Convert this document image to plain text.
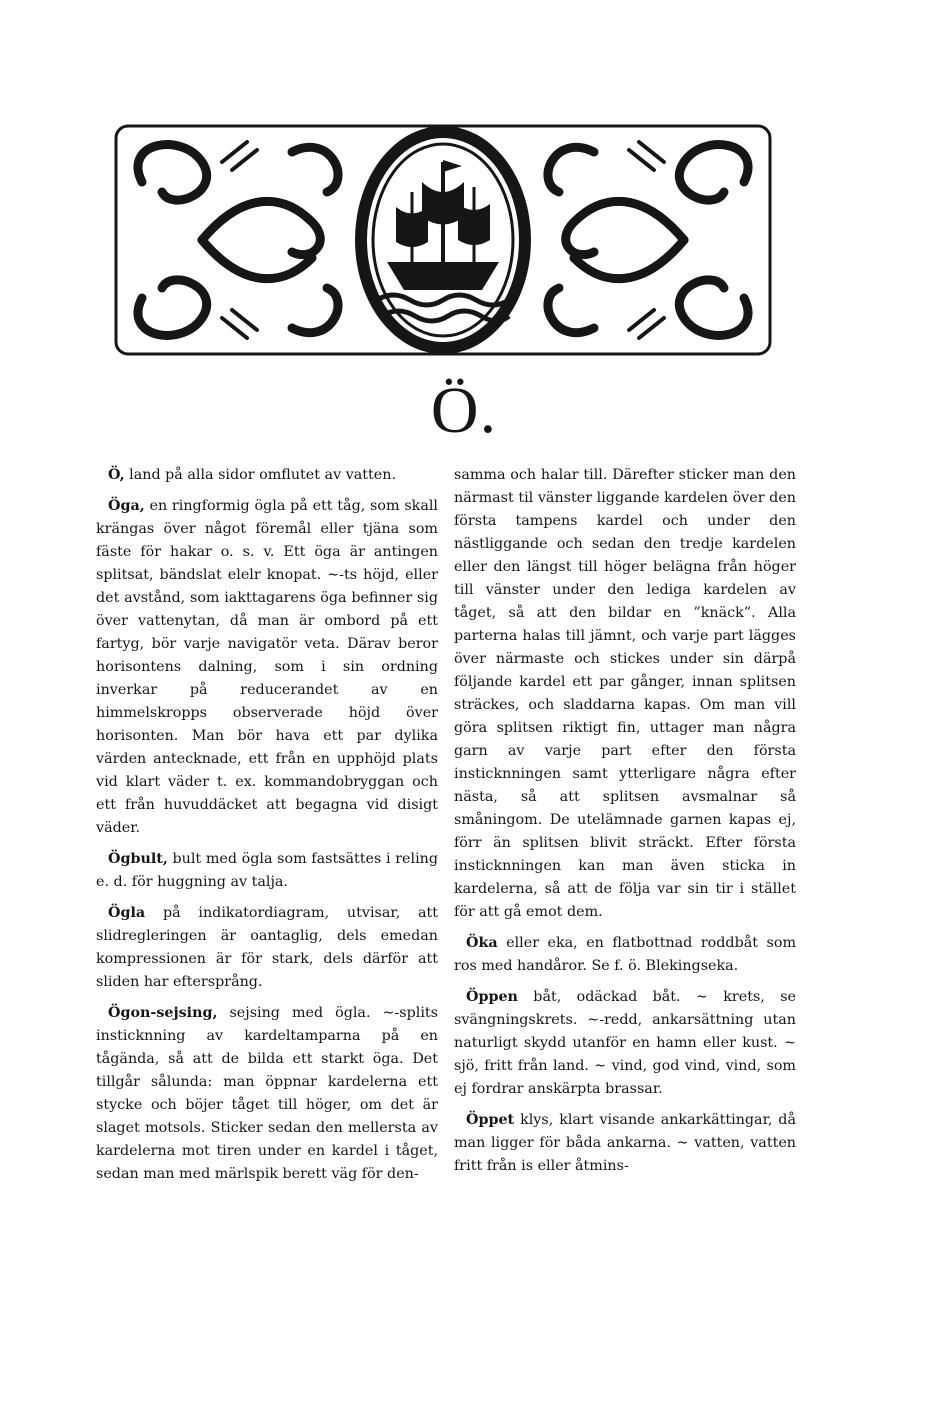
Ö.

Ö, land på alla sidor omflutet av vatten.

Öga, en ringformig ögla på ett tåg, som skall krängas över något föremål eller tjäna som fäste för hakar o. s. v. Ett öga är antingen splitsat, bändslat elelr knopat. ∼-ts höjd, eller det avstånd, som iakttagarens öga befinner sig över vattenytan, då man är ombord på ett fartyg, bör varje navigatör veta. Därav beror horisontens dalning, som i sin ordning inverkar på reducerandet av en himmelskropps observerade höjd över horisonten. Man bör hava ett par dylika värden antecknade, ett från en upphöjd plats vid klart väder t. ex. kommandobryggan och ett från huvuddäcket att begagna vid disigt väder.

Ögbult, bult med ögla som fastsättes i reling e. d. för huggning av talja.

Ögla på indikatordiagram, utvisar, att slidregleringen är oantaglig, dels emedan kompressionen är för stark, dels därför att sliden har eftersprång.

Ögon-sejsing, sejsing med ögla. ∼-splits insticknning av kardeltamparna på en tågända, så att de bilda ett starkt öga. Det tillgår sålunda: man öppnar kardelerna ett stycke och böjer tåget till höger, om det är slaget motsols. Sticker sedan den mellersta av kardelerna mot tiren under en kardel i tåget, sedan man med märlspik berett väg för den-

samma och halar till. Därefter sticker man den närmast til vänster liggande kardelen över den första tampens kardel och under den nästliggande och sedan den tredje kardelen eller den längst till höger belägna från höger till vänster under den lediga kardelen av tåget, så att den bildar en ”knäck”. Alla parterna halas till jämnt, och varje part lägges över närmaste och stickes under sin därpå följande kardel ett par gånger, innan splitsen sträckes, och sladdarna kapas. Om man vill göra splitsen riktigt fin, uttager man några garn av varje part efter den första insticknningen samt ytterligare några efter nästa, så att splitsen avsmalnar så småningom. De utelämnade garnen kapas ej, förr än splitsen blivit sträckt. Efter första insticknningen kan man även sticka in kardelerna, så att de följa var sin tir i stället för att gå emot dem.

Öka eller eka, en flatbottnad roddbåt som ros med handåror. Se f. ö. Blekingseka.

Öppen båt, odäckad båt. ∼ krets, se svängningskrets. ∼-redd, ankarsättning utan naturligt skydd utanför en hamn eller kust. ∼ sjö, fritt från land. ∼ vind, god vind, vind, som ej fordrar anskärpta brassar.

Öppet klys, klart visande ankarkättingar, då man ligger för båda ankarna. ∼ vatten, vatten fritt från is eller åtmins-
